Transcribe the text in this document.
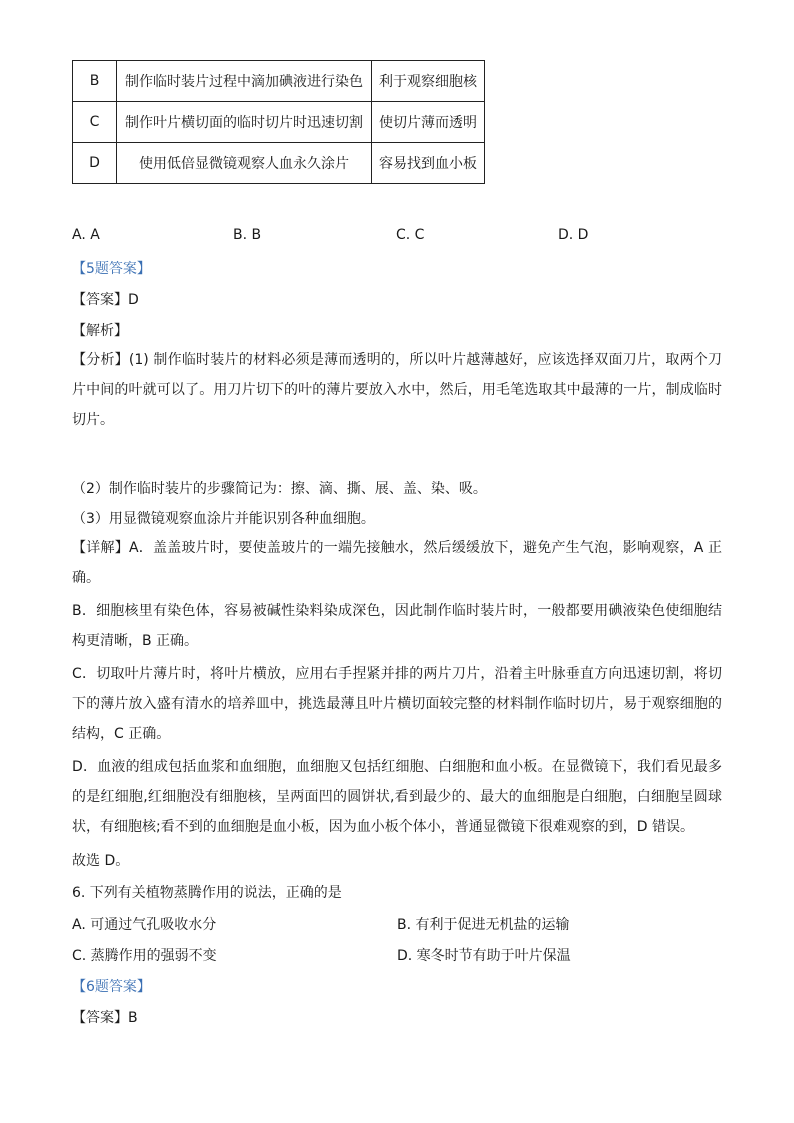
B	制作临时装片过程中滴加碘液进行染色	利于观察细胞核
C	制作叶片横切面的临时切片时迅速切割	使切片薄而透明
D	使用低倍显微镜观察人血永久涂片	容易找到血小板
A. A	B. B	C. C	D. D
【5题答案】
【答案】D
【解析】
【分析】(1) 制作临时装片的材料必须是薄而透明的，所以叶片越薄越好，应该选择双面刀片，取两个刀片中间的叶就可以了。用刀片切下的叶的薄片要放入水中，然后，用毛笔选取其中最薄的一片，制成临时切片。
（2）制作临时装片的步骤简记为：擦、滴、撕、展、盖、染、吸。
（3）用显微镜观察血涂片并能识别各种血细胞。
【详解】A．盖盖玻片时，要使盖玻片的一端先接触水，然后缓缓放下，避免产生气泡，影响观察，A 正确。
B．细胞核里有染色体，容易被碱性染料染成深色，因此制作临时装片时，一般都要用碘液染色使细胞结构更清晰，B 正确。
C．切取叶片薄片时，将叶片横放，应用右手捏紧并排的两片刀片，沿着主叶脉垂直方向迅速切割，将切下的薄片放入盛有清水的培养皿中，挑选最薄且叶片横切面较完整的材料制作临时切片，易于观察细胞的结构，C 正确。
D．血液的组成包括血浆和血细胞，血细胞又包括红细胞、白细胞和血小板。在显微镜下，我们看见最多的是红细胞,红细胞没有细胞核，呈两面凹的圆饼状,看到最少的、最大的血细胞是白细胞，白细胞呈圆球状，有细胞核;看不到的血细胞是血小板，因为血小板个体小，普通显微镜下很难观察的到，D 错误。
故选 D。
6. 下列有关植物蒸腾作用的说法，正确的是
A. 可通过气孔吸收水分	B. 有利于促进无机盐的运输
C. 蒸腾作用的强弱不变	D. 寒冬时节有助于叶片保温
【6题答案】
【答案】B
